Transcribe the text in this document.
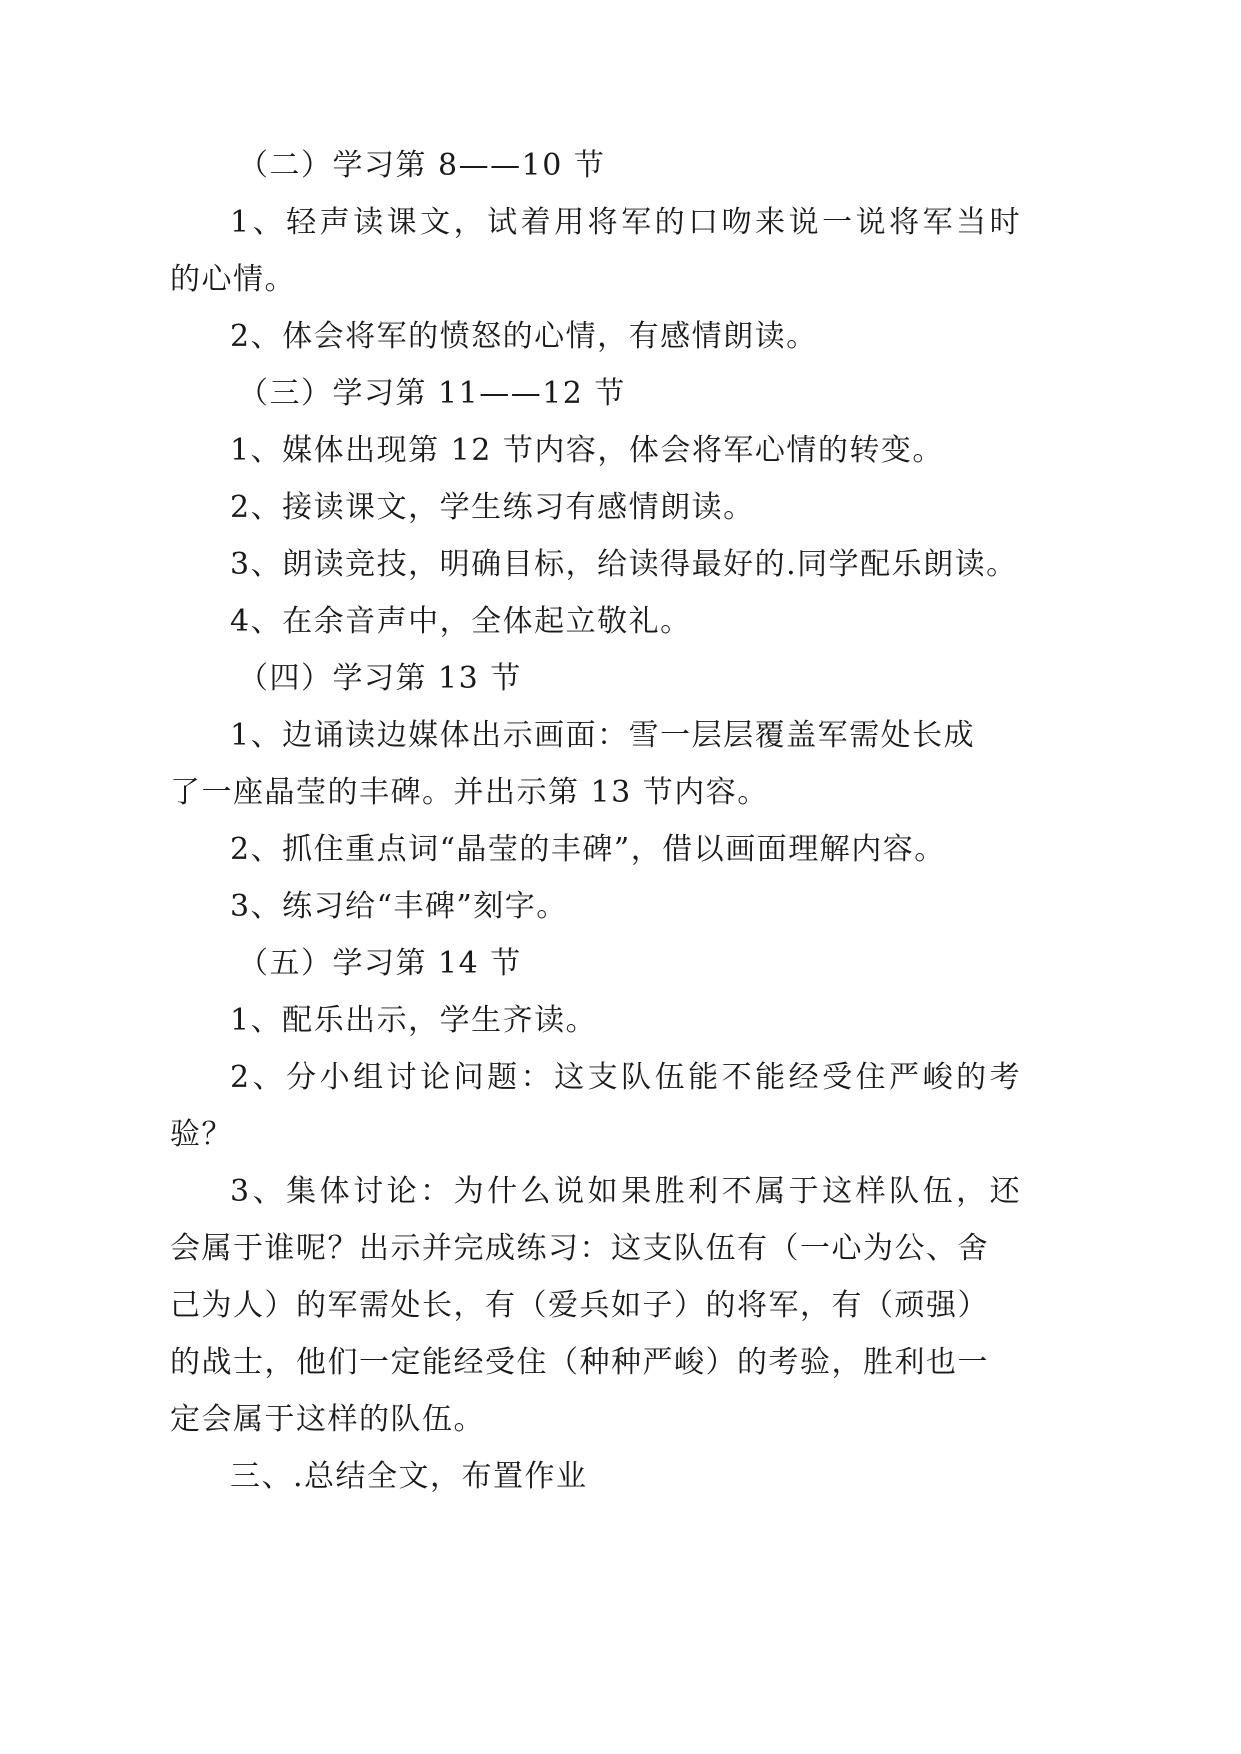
（二）学习第 8——10 节
1、轻声读课文，试着用将军的口吻来说一说将军当时
的心情。
2、体会将军的愤怒的心情，有感情朗读。
（三）学习第 11——12 节
1、媒体出现第 12 节内容，体会将军心情的转变。
2、接读课文，学生练习有感情朗读。
3、朗读竞技，明确目标，给读得最好的.同学配乐朗读。
4、在余音声中，全体起立敬礼。
（四）学习第 13 节
1、边诵读边媒体出示画面：雪一层层覆盖军需处长成
了一座晶莹的丰碑。并出示第 13 节内容。
2、抓住重点词“晶莹的丰碑”，借以画面理解内容。
3、练习给“丰碑”刻字。
（五）学习第 14 节
1、配乐出示，学生齐读。
2、分小组讨论问题：这支队伍能不能经受住严峻的考
验？
3、集体讨论：为什么说如果胜利不属于这样队伍，还
会属于谁呢？出示并完成练习：这支队伍有（一心为公、舍
己为人）的军需处长，有（爱兵如子）的将军，有（顽强）
的战士，他们一定能经受住（种种严峻）的考验，胜利也一
定会属于这样的队伍。
三、.总结全文，布置作业
